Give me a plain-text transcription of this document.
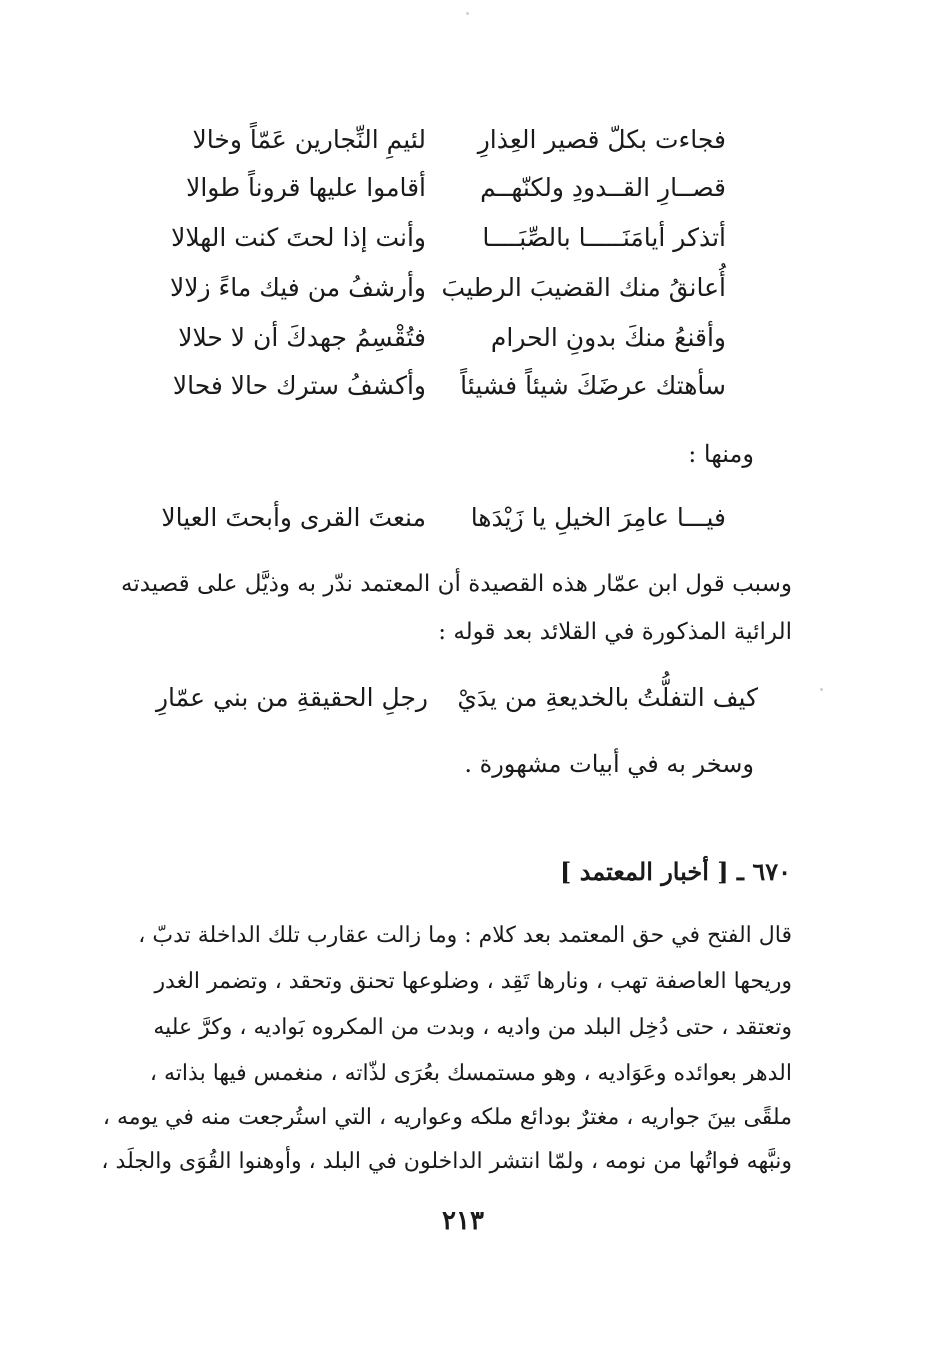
فجاءت بكلّ قصير العِذارِ
لئيمِ النِّجارين عَمّاً وخالا
قصــارِ القــدودِ ولكنّهــم
أقاموا عليها قروناً طوالا
أتذكر أيامَنَـــــا بالصِّبَــــا
وأنت إذا لحتَ كنت الهلالا
أُعانقُ منك القضيبَ الرطيبَ
وأرشفُ من فيك ماءً زلالا
وأقنعُ منكَ بدونِ الحرام
فتُقْسِمُ جهدكَ أن لا حلالا
سأهتك عرضَكَ شيئاً فشيئاً
وأكشفُ سترك حالا فحالا
ومنها :
فيـــا عامِرَ الخيلِ يا زَيْدَها
منعتَ القرى وأبحتَ العيالا
وسبب قول ابن عمّار هذه القصيدة أن المعتمد ندّر به وذيَّل على قصيدته
الرائية المذكورة في القلائد بعد قوله :
كيف التفلُّتُ بالخديعةِ من يدَيْ
رجلِ الحقيقةِ من بني عمّارِ
وسخر به في أبيات مشهورة .
٦٧٠ ـ [ أخبار المعتمد ]
قال الفتح في حق المعتمد بعد كلام : وما زالت عقارب تلك الداخلة تدبّ ،
وريحها العاصفة تهب ، ونارها تَقِد ، وضلوعها تحنق وتحقد ، وتضمر الغدر
وتعتقد ، حتى دُخِل البلد من واديه ، وبدت من المكروه بَواديه ، وكرَّ عليه
الدهر بعوائده وعَوَاديه ، وهو مستمسك بعُرَى لذّاته ، منغمس فيها بذاته ،
ملقًى بينَ جواريه ، مغترٌ بودائع ملكه وعواريه ، التي استُرجعت منه في يومه ،
ونبَّهه فواتُها من نومه ، ولمّا انتشر الداخلون في البلد ، وأوهنوا القُوَى والجلَد ،
٢١٣
